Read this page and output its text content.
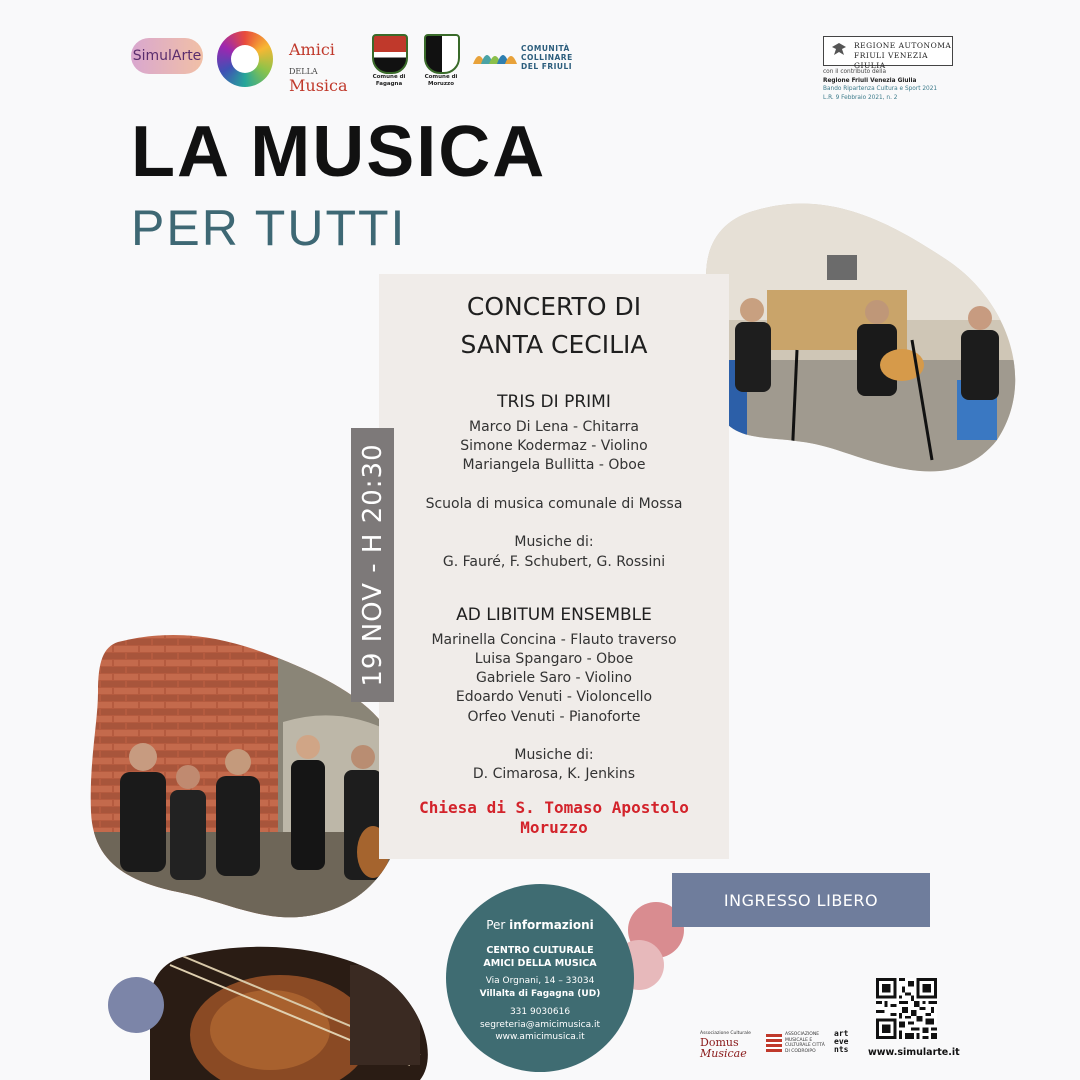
SimulArte	Amici DELLA
Musica	Comune di Fagagna
Comune di Moruzzo
COMUNITÀ
COLLINARE
DEL FRIULI
REGIONE AUTONOMA
FRIULI VENEZIA GIULIA
con il contributo della
Regione Friuli Venezia Giulia
Bando Ripartenza Cultura e Sport 2021
L.R. 9 Febbraio 2021, n. 2
LA MUSICA
PER TUTTI
CONCERTO DI
SANTA CECILIA
TRIS DI PRIMI
Marco Di Lena - Chitarra
Simone Kodermaz - Violino
Mariangela Bullitta - Oboe
Scuola di musica comunale di Mossa
Musiche di:
G. Fauré, F. Schubert, G. Rossini
AD LIBITUM ENSEMBLE
Marinella Concina - Flauto traverso
Luisa Spangaro - Oboe
Gabriele Saro - Violino
Edoardo Venuti - Violoncello
Orfeo Venuti - Pianoforte
Musiche di:
D. Cimarosa, K. Jenkins
Chiesa di S. Tomaso Apostolo
Moruzzo
19 NOV - H 20:30
INGRESSO LIBERO
Per informazioni
CENTRO CULTURALE
AMICI DELLA MUSICA
Via Orgnani, 14 – 33034
Villalta di Fagagna (UD)
331 9030616
segreteria@amicimusica.it
www.amicimusica.it	Associazione Culturale
Domus
Musicae
ASSOCIAZIONE MUSICALE E CULTURALE CITTÀ DI CODROIPO
art
eve
nts	www.simularte.it
